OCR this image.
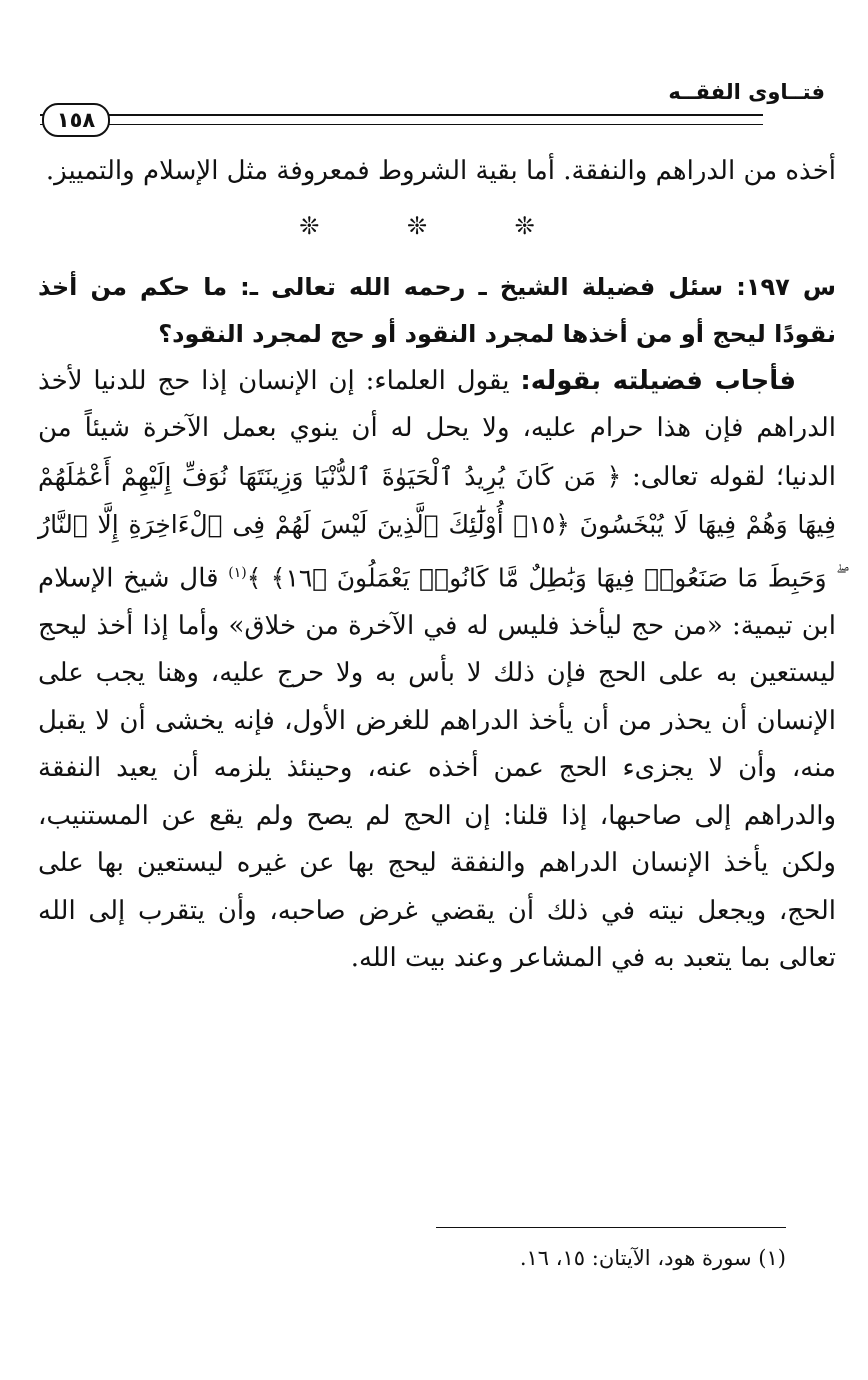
فتــاوى الفقــه
١٥٨

أخذه من الدراهم والنفقة. أما بقية الشروط فمعروفة مثل الإسلام والتمييز.

❊ ❊ ❊

س ١٩٧: سئل فضيلة الشيخ ـ رحمه الله تعالى ـ: ما حكم من أخذ نقودًا ليحج أو من أخذها لمجرد النقود أو حج لمجرد النقود؟

فأجاب فضيلته بقوله: يقول العلماء: إن الإنسان إذا حج للدنيا لأخذ الدراهم فإن هذا حرام عليه، ولا يحل له أن ينوي بعمل الآخرة شيئاً من الدنيا؛ لقوله تعالى: ﴿ مَن كَانَ يُرِيدُ ٱلْحَيَوٰةَ ٱلدُّنْيَا وَزِينَتَهَا نُوَفِّ إِلَيْهِمْ أَعْمَٰلَهُمْ فِيهَا وَهُمْ فِيهَا لَا يُبْخَسُونَ ﴿١٥﴾ أُوْلَٰٓئِكَ ٱلَّذِينَ لَيْسَ لَهُمْ فِى ٱلْءَاخِرَةِ إِلَّا ٱلنَّارُ ۖ وَحَبِطَ مَا صَنَعُوا۟ فِيهَا وَبَٰطِلٌ مَّا كَانُوا۟ يَعْمَلُونَ ﴿١٦﴾ ﴾$^{(١)}$ قال شيخ الإسلام ابن تيمية: «من حج ليأخذ فليس له في الآخرة من خلاق» وأما إذا أخذ ليحج ليستعين به على الحج فإن ذلك لا بأس به ولا حرج عليه، وهنا يجب على الإنسان أن يحذر من أن يأخذ الدراهم للغرض الأول، فإنه يخشى أن لا يقبل منه، وأن لا يجزىء الحج عمن أخذه عنه، وحينئذ يلزمه أن يعيد النفقة والدراهم إلى صاحبها، إذا قلنا: إن الحج لم يصح ولم يقع عن المستنيب، ولكن يأخذ الإنسان الدراهم والنفقة ليحج بها عن غيره ليستعين بها على الحج، ويجعل نيته في ذلك أن يقضي غرض صاحبه، وأن يتقرب إلى الله تعالى بما يتعبد به في المشاعر وعند بيت الله.

(١) سورة هود، الآيتان: ١٥، ١٦.
